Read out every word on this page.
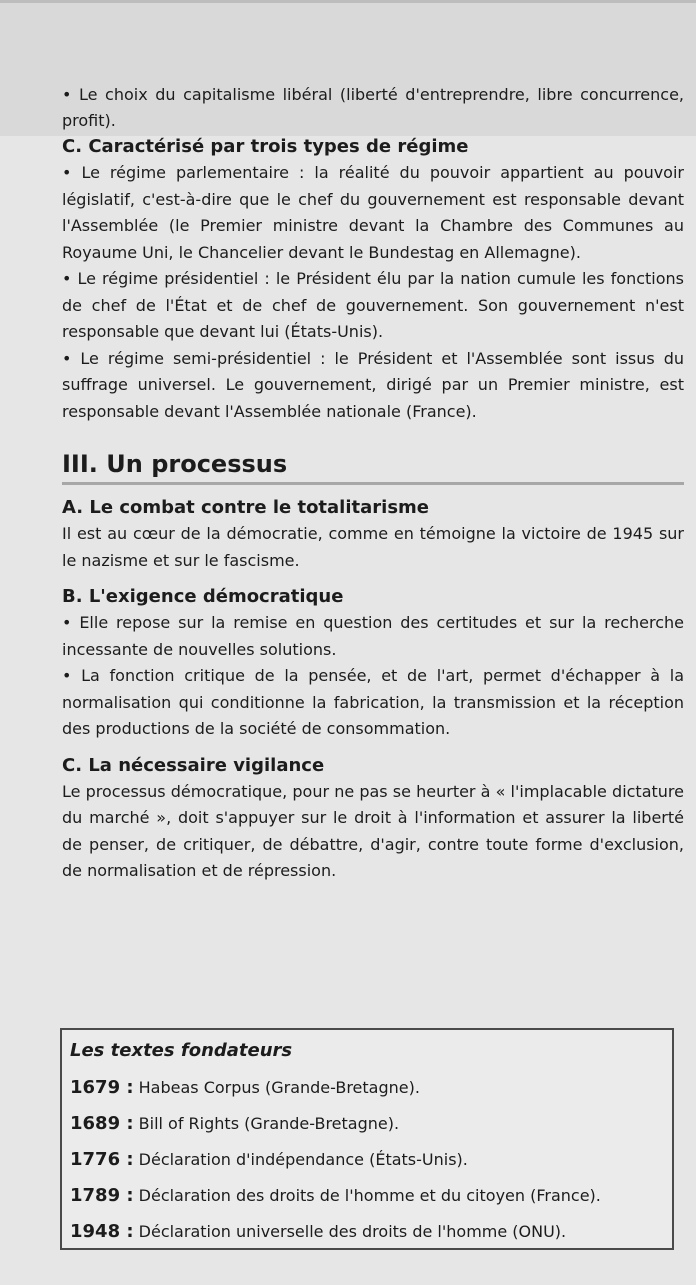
• Le choix du capitalisme libéral (liberté d'entreprendre, libre concurrence, profit).

C. Caractérisé par trois types de régime

• Le régime parlementaire : la réalité du pouvoir appartient au pouvoir législatif, c'est-à-dire que le chef du gouvernement est responsable devant l'Assemblée (le Premier ministre devant la Chambre des Communes au Royaume Uni, le Chancelier devant le Bundestag en Allemagne).

• Le régime présidentiel : le Président élu par la nation cumule les fonctions de chef de l'État et de chef de gouvernement. Son gouvernement n'est responsable que devant lui (États-Unis).

• Le régime semi-présidentiel : le Président et l'Assemblée sont issus du suffrage universel. Le gouvernement, dirigé par un Premier ministre, est responsable devant l'Assemblée nationale (France).

III. Un processus
A. Le combat contre le totalitarisme

Il est au cœur de la démocratie, comme en témoigne la victoire de 1945 sur le nazisme et sur le fascisme.

B. L'exigence démocratique

• Elle repose sur la remise en question des certitudes et sur la recherche incessante de nouvelles solutions.

• La fonction critique de la pensée, et de l'art, permet d'échapper à la normalisation qui conditionne la fabrication, la transmission et la réception des productions de la société de consommation.

C. La nécessaire vigilance

Le processus démocratique, pour ne pas se heurter à « l'implacable dictature du marché », doit s'appuyer sur le droit à l'information et assurer la liberté de penser, de critiquer, de débattre, d'agir, contre toute forme d'exclusion, de normalisation et de répression.

Les textes fondateurs
1679 : Habeas Corpus (Grande-Bretagne).
1689 : Bill of Rights (Grande-Bretagne).
1776 : Déclaration d'indépendance (États-Unis).
1789 : Déclaration des droits de l'homme et du citoyen (France).
1948 : Déclaration universelle des droits de l'homme (ONU).
